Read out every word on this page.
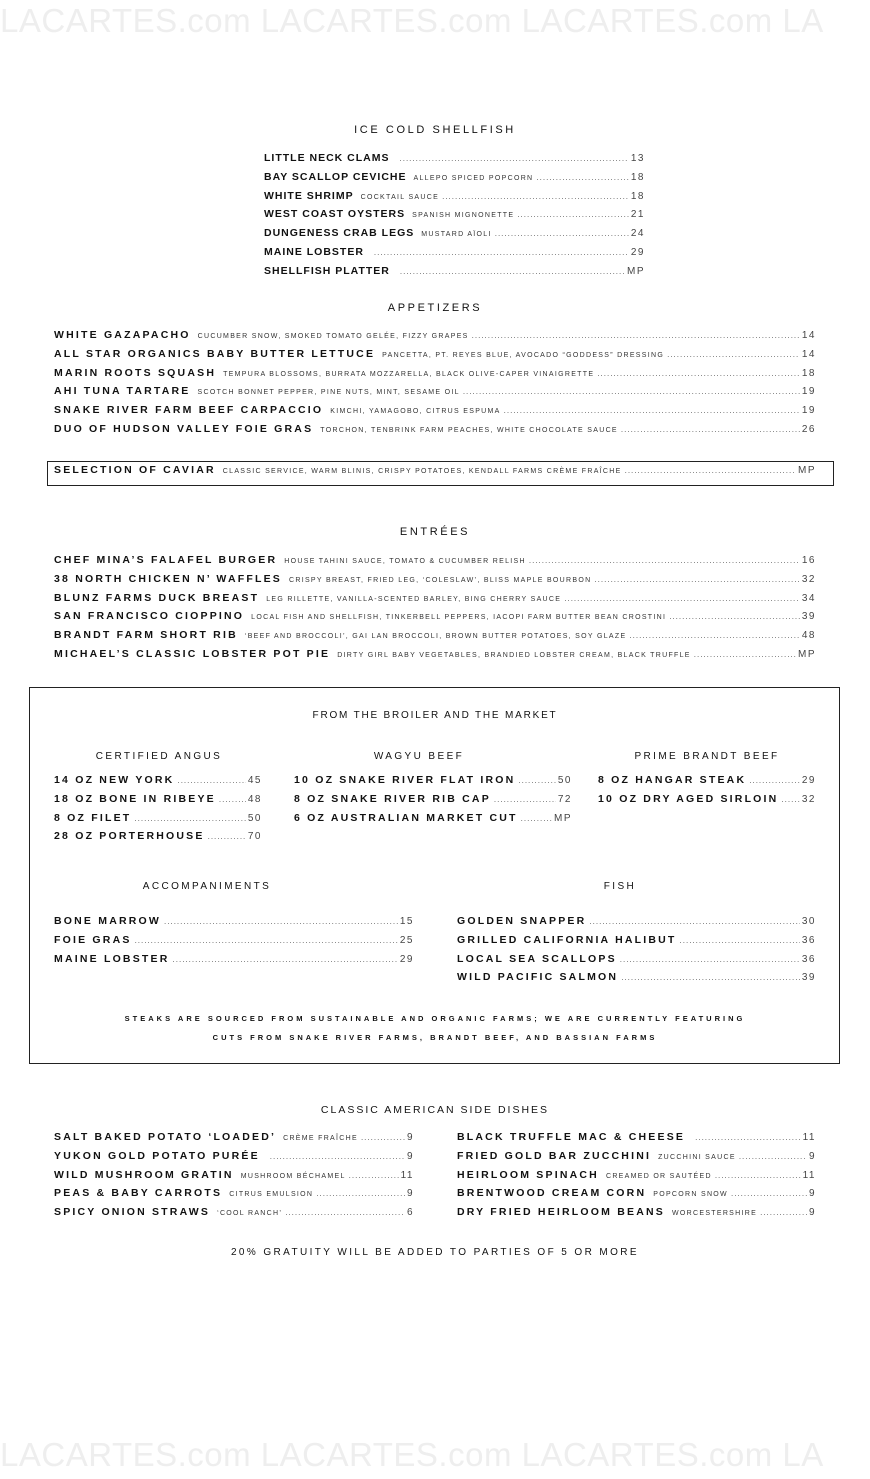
LACARTES.com LACARTES.com LACARTES.com LA
LACARTES.com LACARTES.com LACARTES.com LA
ICE COLD SHELLFISH
LITTLE NECK CLAMS .....	13
BAY SCALLOP CEVICHE ALLEPO SPICED POPCORN .....	18
WHITE SHRIMP COCKTAIL SAUCE .....	18
WEST COAST OYSTERS SPANISH MIGNONETTE .....	21
DUNGENESS CRAB LEGS MUSTARD AÏOLI .....	24
MAINE LOBSTER .....	29
SHELLFISH PLATTER .....	MP
APPETIZERS
WHITE GAZAPACHO CUCUMBER SNOW, SMOKED TOMATO GELÉE, FIZZY GRAPES .....	14
ALL STAR ORGANICS BABY BUTTER LETTUCE PANCETTA, PT. REYES BLUE, AVOCADO “GODDESS” DRESSING .....	14
MARIN ROOTS SQUASH TEMPURA BLOSSOMS, BURRATA MOZZARELLA, BLACK OLIVE-CAPER VINAIGRETTE .....	18
AHI TUNA TARTARE SCOTCH BONNET PEPPER, PINE NUTS, MINT, SESAME OIL .....	19
SNAKE RIVER FARM BEEF CARPACCIO KIMCHI, YAMAGOBO, CITRUS ESPUMA .....	19
DUO OF HUDSON VALLEY FOIE GRAS TORCHON, TENBRINK FARM PEACHES, WHITE CHOCOLATE SAUCE .....	26
SELECTION OF CAVIAR CLASSIC SERVICE, WARM BLINIS, CRISPY POTATOES, KENDALL FARMS CRÈME FRAÎCHE .....	MP
ENTRÉES
CHEF MINA’S FALAFEL BURGER HOUSE TAHINI SAUCE, TOMATO & CUCUMBER RELISH .....	16
38 NORTH CHICKEN N’ WAFFLES CRISPY BREAST, FRIED LEG, ‘COLESLAW’, BLISS MAPLE BOURBON .....	32
BLUNZ FARMS DUCK BREAST LEG RILLETTE, VANILLA-SCENTED BARLEY, BING CHERRY SAUCE .....	34
SAN FRANCISCO CIOPPINO LOCAL FISH AND SHELLFISH, TINKERBELL PEPPERS, IACOPI FARM BUTTER BEAN CROSTINI .....	39
BRANDT FARM SHORT RIB ‘BEEF AND BROCCOLI’, GAI LAN BROCCOLI, BROWN BUTTER POTATOES, SOY GLAZE .....	48
MICHAEL’S CLASSIC LOBSTER POT PIE DIRTY GIRL BABY VEGETABLES, BRANDIED LOBSTER CREAM, BLACK TRUFFLE .....	MP
FROM THE BROILER AND THE MARKET
CERTIFIED ANGUS
14 OZ NEW YORK .....	45
18 OZ BONE IN RIBEYE .....	48
8 OZ FILET .....	50
28 OZ PORTERHOUSE .....	70
WAGYU BEEF
10 OZ SNAKE RIVER FLAT IRON .....	50
8 OZ SNAKE RIVER RIB CAP .....	72
6 OZ AUSTRALIAN MARKET CUT .....	MP
PRIME BRANDT BEEF
8 OZ HANGAR STEAK .....	29
10 OZ DRY AGED SIRLOIN ..... 32
ACCOMPANIMENTS
BONE MARROW .....	15
FOIE GRAS .....	25
MAINE LOBSTER .....	29
FISH
GOLDEN SNAPPER .....	30
GRILLED CALIFORNIA HALIBUT .....	36
LOCAL SEA SCALLOPS .....	36
WILD PACIFIC SALMON .....	39
STEAKS ARE SOURCED FROM SUSTAINABLE AND ORGANIC FARMS; WE ARE CURRENTLY FEATURING
CUTS FROM SNAKE RIVER FARMS, BRANDT BEEF, AND BASSIAN FARMS
CLASSIC AMERICAN SIDE DISHES
SALT BAKED POTATO ‘LOADED’ CRÈME FRAÎCHE .....	9
YUKON GOLD POTATO PURÉE .....	9
WILD MUSHROOM GRATIN MUSHROOM BÉCHAMEL .....	11
PEAS & BABY CARROTS CITRUS EMULSION .....	9
SPICY ONION STRAWS ‘COOL RANCH’ .....	6
BLACK TRUFFLE MAC & CHEESE .....	11
FRIED GOLD BAR ZUCCHINI ZUCCHINI SAUCE .....	9
HEIRLOOM SPINACH CREAMED OR SAUTÉED .....	11
BRENTWOOD CREAM CORN POPCORN SNOW .....	9
DRY FRIED HEIRLOOM BEANS WORCESTERSHIRE .....	9
20% GRATUITY WILL BE ADDED TO PARTIES OF 5 OR MORE
